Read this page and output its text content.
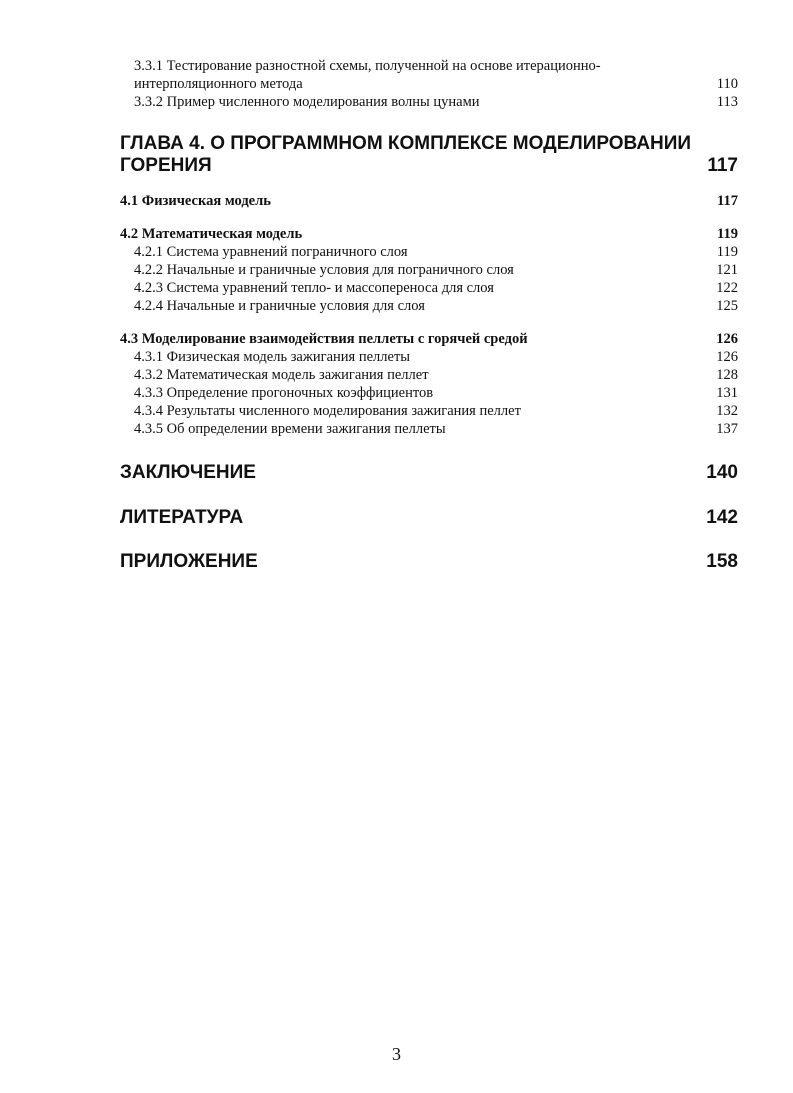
3.3.1 Тестирование разностной схемы, полученной на основе итерационно-
интерполяционного метода	110
3.3.2 Пример численного моделирования волны цунами	113
ГЛАВА 4. О ПРОГРАММНОМ КОМПЛЕКСЕ МОДЕЛИРОВАНИИ
ГОРЕНИЯ	117
4.1 Физическая модель	117
4.2 Математическая модель	119
4.2.1 Система уравнений пограничного слоя	119
4.2.2 Начальные и граничные условия для пограничного слоя	121
4.2.3 Система уравнений тепло- и массопереноса для слоя	122
4.2.4 Начальные и граничные условия для слоя	125
4.3 Моделирование взаимодействия пеллеты с горячей средой	126
4.3.1 Физическая модель зажигания пеллеты	126
4.3.2 Математическая модель зажигания пеллет	128
4.3.3 Определение прогоночных коэффициентов	131
4.3.4 Результаты численного моделирования зажигания пеллет	132
4.3.5 Об определении времени зажигания пеллеты	137
ЗАКЛЮЧЕНИЕ	140
ЛИТЕРАТУРА	142
ПРИЛОЖЕНИЕ	158
3
